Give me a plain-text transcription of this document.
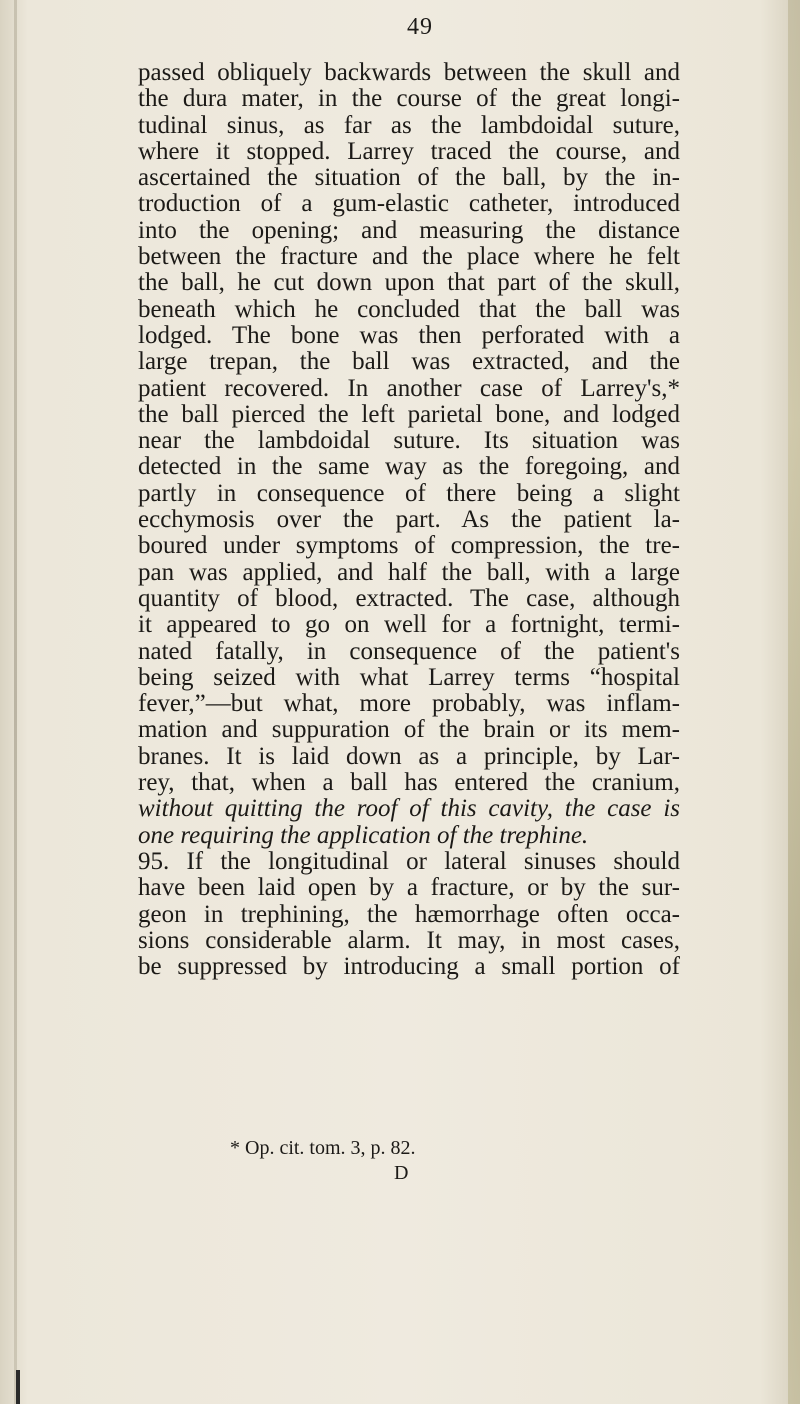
49
passed obliquely backwards between the skull and
the dura mater, in the course of the great longi-
tudinal sinus, as far as the lambdoidal suture,
where it stopped. Larrey traced the course, and
ascertained the situation of the ball, by the in-
troduction of a gum-elastic catheter, introduced
into the opening; and measuring the distance
between the fracture and the place where he felt
the ball, he cut down upon that part of the skull,
beneath which he concluded that the ball was
lodged. The bone was then perforated with a
large trepan, the ball was extracted, and the
patient recovered. In another case of Larrey's,*
the ball pierced the left parietal bone, and lodged
near the lambdoidal suture. Its situation was
detected in the same way as the foregoing, and
partly in consequence of there being a slight
ecchymosis over the part. As the patient la-
boured under symptoms of compression, the tre-
pan was applied, and half the ball, with a large
quantity of blood, extracted. The case, although
it appeared to go on well for a fortnight, termi-
nated fatally, in consequence of the patient's
being seized with what Larrey terms “hospital
fever,”—but what, more probably, was inflam-
mation and suppuration of the brain or its mem-
branes. It is laid down as a principle, by Lar-
rey, that, when a ball has entered the cranium,
without quitting the roof of this cavity, the case is
one requiring the application of the trephine.
95. If the longitudinal or lateral sinuses should
have been laid open by a fracture, or by the sur-
geon in trephining, the hæmorrhage often occa-
sions considerable alarm. It may, in most cases,
be suppressed by introducing a small portion of
* Op. cit. tom. 3, p. 82.
D
